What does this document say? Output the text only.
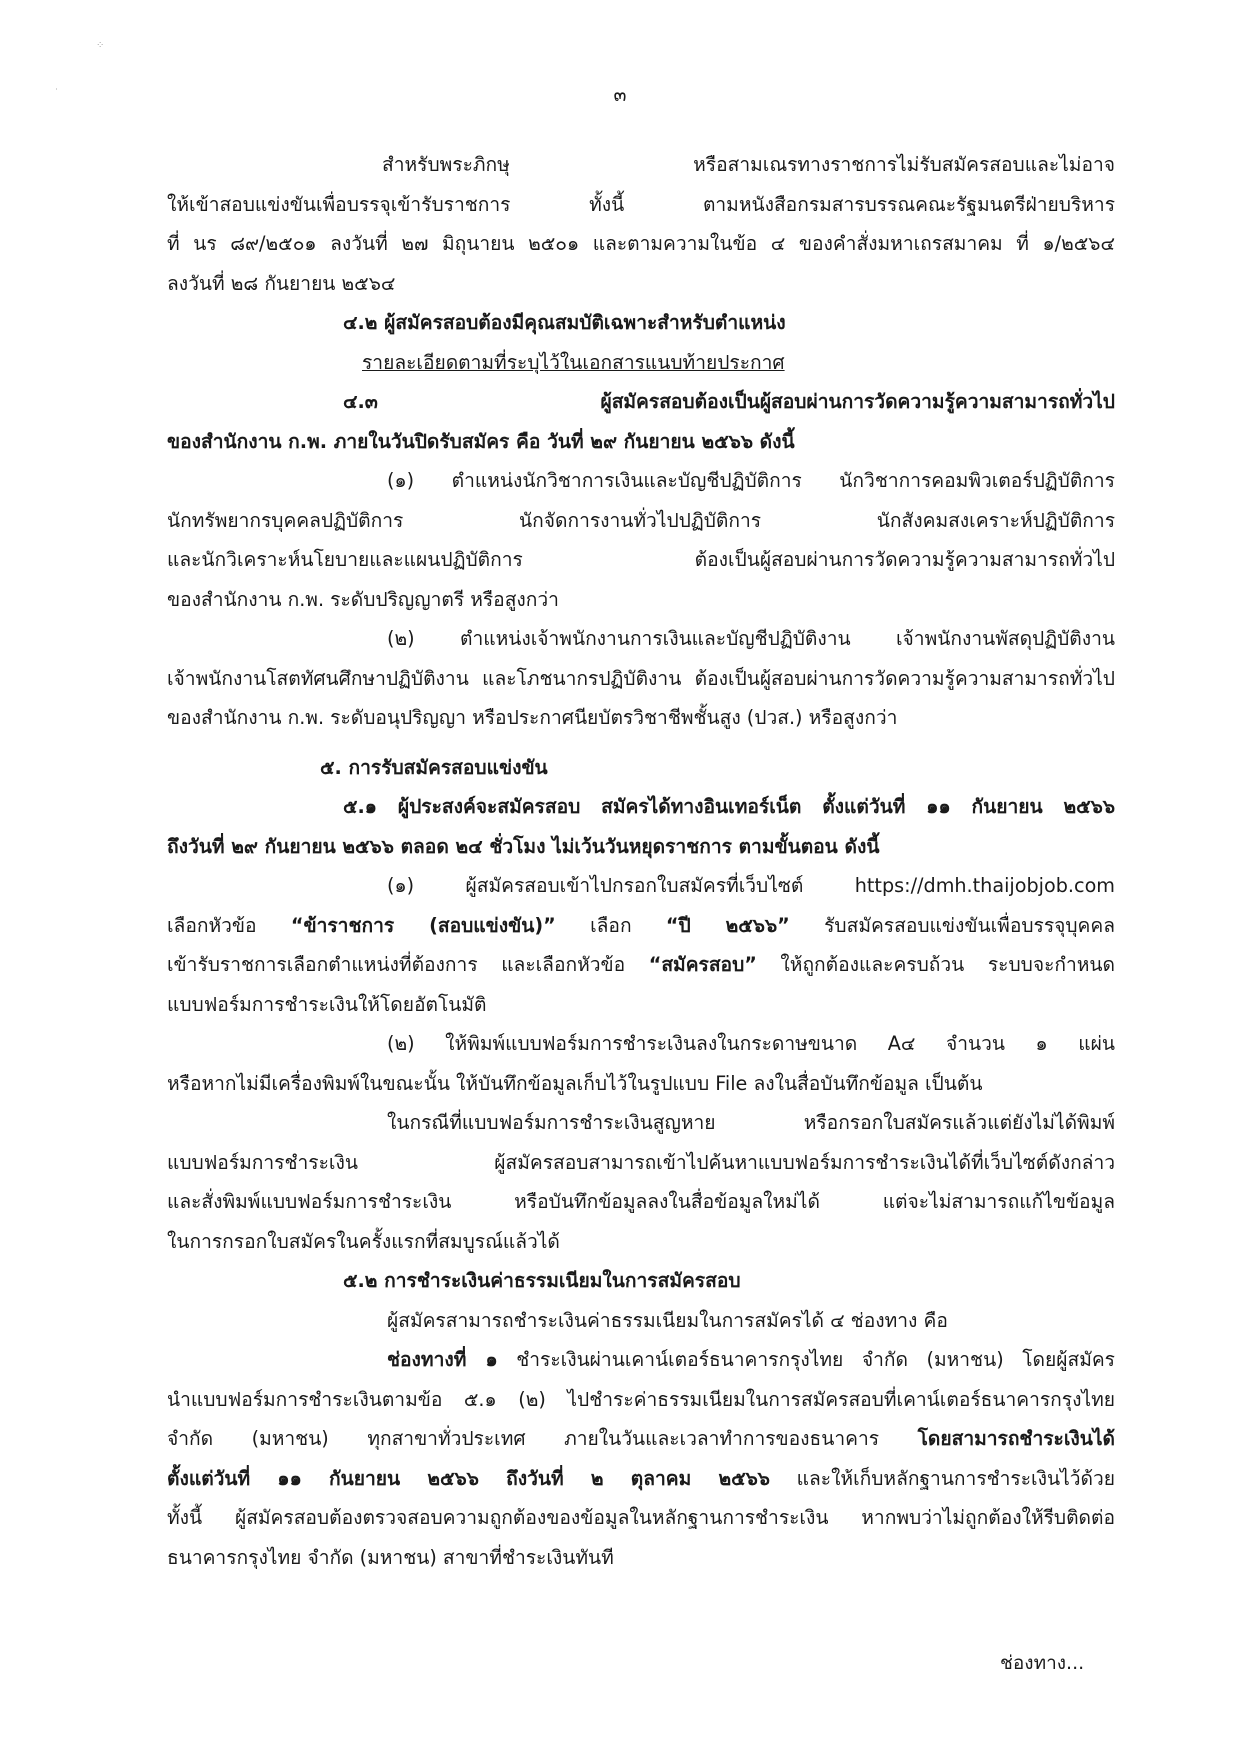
⁘
˙	๓
สำหรับพระภิกษุ หรือสามเณรทางราชการไม่รับสมัครสอบและไม่อาจ
ให้เข้าสอบแข่งขันเพื่อบรรจุเข้ารับราชการ ทั้งนี้ ตามหนังสือกรมสารบรรณคณะรัฐมนตรีฝ่ายบริหาร
ที่ นร ๘๙/๒๕๐๑ ลงวันที่ ๒๗ มิถุนายน ๒๕๐๑ และตามความในข้อ ๔ ของคำสั่งมหาเถรสมาคม ที่ ๑/๒๕๖๔
ลงวันที่ ๒๘ กันยายน ๒๕๖๔
๔.๒ ผู้สมัครสอบต้องมีคุณสมบัติเฉพาะสำหรับตำแหน่ง
รายละเอียดตามที่ระบุไว้ในเอกสารแนบท้ายประกาศ
๔.๓ ผู้สมัครสอบต้องเป็นผู้สอบผ่านการวัดความรู้ความสามารถทั่วไป
ของสำนักงาน ก.พ. ภายในวันปิดรับสมัคร คือ วันที่ ๒๙ กันยายน ๒๕๖๖ ดังนี้
(๑) ตำแหน่งนักวิชาการเงินและบัญชีปฏิบัติการ นักวิชาการคอมพิวเตอร์ปฏิบัติการ
นักทรัพยากรบุคคลปฏิบัติการ นักจัดการงานทั่วไปปฏิบัติการ นักสังคมสงเคราะห์ปฏิบัติการ
และนักวิเคราะห์นโยบายและแผนปฏิบัติการ ต้องเป็นผู้สอบผ่านการวัดความรู้ความสามารถทั่วไป
ของสำนักงาน ก.พ. ระดับปริญญาตรี หรือสูงกว่า
(๒) ตำแหน่งเจ้าพนักงานการเงินและบัญชีปฏิบัติงาน เจ้าพนักงานพัสดุปฏิบัติงาน
เจ้าพนักงานโสตทัศนศึกษาปฏิบัติงาน และโภชนากรปฏิบัติงาน ต้องเป็นผู้สอบผ่านการวัดความรู้ความสามารถทั่วไป
ของสำนักงาน ก.พ. ระดับอนุปริญญา หรือประกาศนียบัตรวิชาชีพชั้นสูง (ปวส.) หรือสูงกว่า
๕. การรับสมัครสอบแข่งขัน
๕.๑ ผู้ประสงค์จะสมัครสอบ สมัครได้ทางอินเทอร์เน็ต ตั้งแต่วันที่ ๑๑ กันยายน ๒๕๖๖
ถึงวันที่ ๒๙ กันยายน ๒๕๖๖ ตลอด ๒๔ ชั่วโมง ไม่เว้นวันหยุดราชการ ตามขั้นตอน ดังนี้
(๑) ผู้สมัครสอบเข้าไปกรอกใบสมัครที่เว็บไซต์ https://dmh.thaijobjob.com
เลือกหัวข้อ “ข้าราชการ (สอบแข่งขัน)” เลือก “ปี ๒๕๖๖” รับสมัครสอบแข่งขันเพื่อบรรจุบุคคล
เข้ารับราชการเลือกตำแหน่งที่ต้องการ และเลือกหัวข้อ “สมัครสอบ” ให้ถูกต้องและครบถ้วน ระบบจะกำหนด
แบบฟอร์มการชำระเงินให้โดยอัตโนมัติ
(๒) ให้พิมพ์แบบฟอร์มการชำระเงินลงในกระดาษขนาด A๔ จำนวน ๑ แผ่น
หรือหากไม่มีเครื่องพิมพ์ในขณะนั้น ให้บันทึกข้อมูลเก็บไว้ในรูปแบบ File ลงในสื่อบันทึกข้อมูล เป็นต้น
ในกรณีที่แบบฟอร์มการชำระเงินสูญหาย หรือกรอกใบสมัครแล้วแต่ยังไม่ได้พิมพ์
แบบฟอร์มการชำระเงิน ผู้สมัครสอบสามารถเข้าไปค้นหาแบบฟอร์มการชำระเงินได้ที่เว็บไซต์ดังกล่าว
และสั่งพิมพ์แบบฟอร์มการชำระเงิน หรือบันทึกข้อมูลลงในสื่อข้อมูลใหม่ได้ แต่จะไม่สามารถแก้ไขข้อมูล
ในการกรอกใบสมัครในครั้งแรกที่สมบูรณ์แล้วได้
๕.๒ การชำระเงินค่าธรรมเนียมในการสมัครสอบ
ผู้สมัครสามารถชำระเงินค่าธรรมเนียมในการสมัครได้ ๔ ช่องทาง คือ
ช่องทางที่ ๑ ชำระเงินผ่านเคาน์เตอร์ธนาคารกรุงไทย จำกัด (มหาชน) โดยผู้สมัคร
นำแบบฟอร์มการชำระเงินตามข้อ ๕.๑ (๒) ไปชำระค่าธรรมเนียมในการสมัครสอบที่เคาน์เตอร์ธนาคารกรุงไทย
จำกัด (มหาชน) ทุกสาขาทั่วประเทศ ภายในวันและเวลาทำการของธนาคาร โดยสามารถชำระเงินได้
ตั้งแต่วันที่ ๑๑ กันยายน ๒๕๖๖ ถึงวันที่ ๒ ตุลาคม ๒๕๖๖ และให้เก็บหลักฐานการชำระเงินไว้ด้วย
ทั้งนี้ ผู้สมัครสอบต้องตรวจสอบความถูกต้องของข้อมูลในหลักฐานการชำระเงิน หากพบว่าไม่ถูกต้องให้รีบติดต่อ
ธนาคารกรุงไทย จำกัด (มหาชน) สาขาที่ชำระเงินทันที
ช่องทาง...
